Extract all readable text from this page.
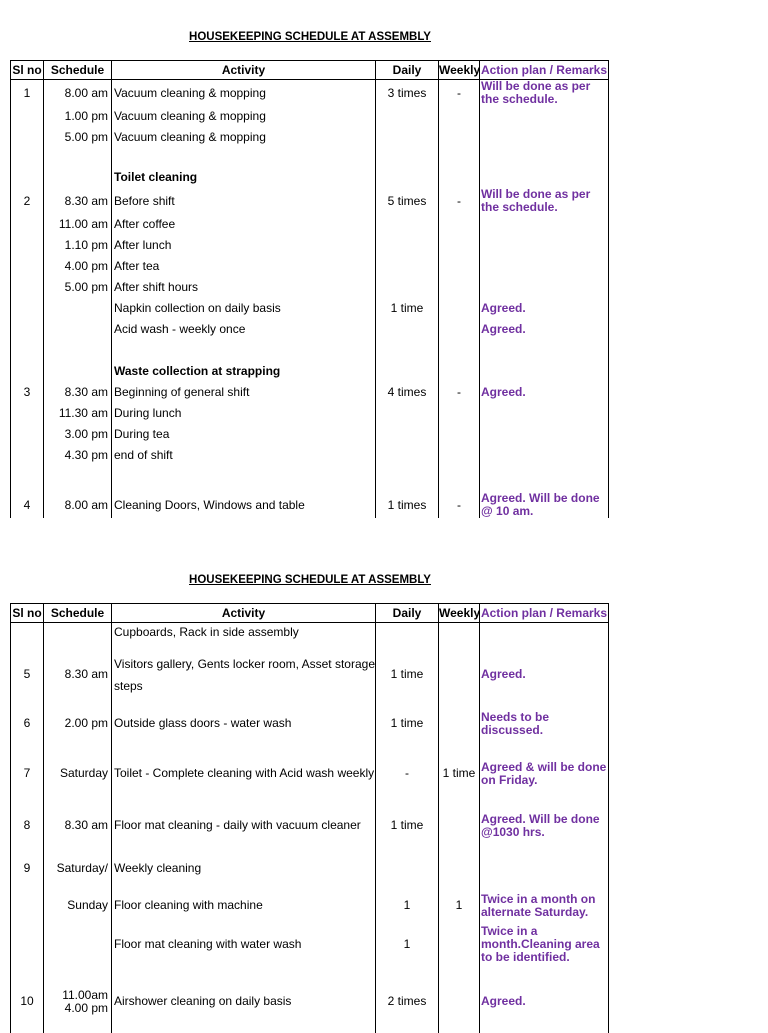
HOUSEKEEPING SCHEDULE AT ASSEMBLY
Sl no	Schedule	Activity	Daily	Weekly	Action plan / Remarks
1	8.00 am	Vacuum cleaning & mopping	3 times	-	Will be done as per the schedule.
	1.00 pm	Vacuum cleaning & mopping			
	5.00 pm	Vacuum cleaning & mopping			

		Toilet cleaning			
2	8.30 am	Before shift	5 times	-	Will be done as per the schedule.
	11.00 am	After coffee			
	1.10 pm	After lunch			
	4.00 pm	After tea			
	5.00 pm	After shift hours			
		Napkin collection on daily basis	1 time		Agreed.
		Acid wash - weekly once			Agreed.

		Waste collection at strapping			
3	8.30 am	Beginning of general shift	4 times	-	Agreed.
	11.30 am	During lunch			
	3.00 pm	During tea			
	4.30 pm	end of shift			

4	8.00 am	Cleaning Doors, Windows and table	1 times	-	Agreed. Will be done @ 10 am.
HOUSEKEEPING SCHEDULE AT ASSEMBLY
Sl no	Schedule	Activity	Daily	Weekly	Action plan / Remarks
		Cupboards, Rack in side assembly			
5	8.30 am	Visitors gallery, Gents locker room, Asset storage steps	1 time		Agreed.
6	2.00 pm	Outside glass doors - water wash	1 time		Needs to be discussed.
7	Saturday	Toilet - Complete cleaning with Acid wash weekly	-	1 time	Agreed & will be done on Friday.
8	8.30 am	Floor mat cleaning - daily with vacuum cleaner	1 time		Agreed. Will be done @1030 hrs.
9	Saturday/	Weekly cleaning			
	Sunday	Floor cleaning with machine	1	1	Twice in a month on alternate Saturday.
		Floor mat cleaning with water wash	1		Twice in a month.Cleaning area to be identified.
10	11.00am 4.00 pm	Airshower cleaning on daily basis	2 times		Agreed.
